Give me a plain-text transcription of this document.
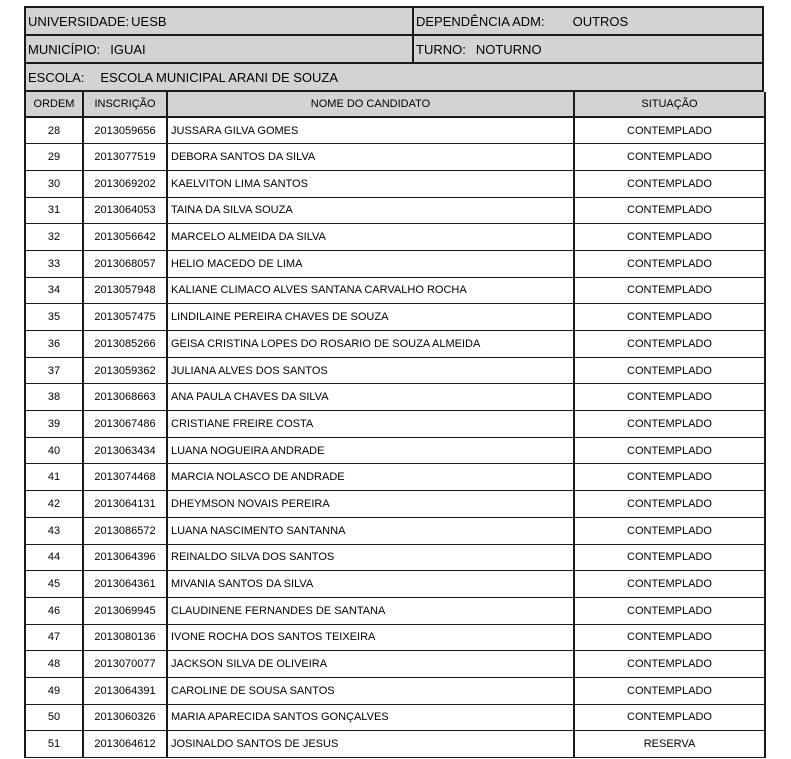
UNIVERSIDADE: UESB	DEPENDÊNCIA ADM: OUTROS
MUNICÍPIO: IGUAI	TURNO: NOTURNO
ESCOLA: ESCOLA MUNICIPAL ARANI DE SOUZA
ORDEM	INSCRIÇÃO	NOME DO CANDIDATO	SITUAÇÃO
28	2013059656	JUSSARA GILVA GOMES	CONTEMPLADO
29	2013077519	DEBORA SANTOS DA SILVA	CONTEMPLADO
30	2013069202	KAELVITON LIMA SANTOS	CONTEMPLADO
31	2013064053	TAINA DA SILVA SOUZA	CONTEMPLADO
32	2013056642	MARCELO ALMEIDA DA SILVA	CONTEMPLADO
33	2013068057	HELIO MACEDO DE LIMA	CONTEMPLADO
34	2013057948	KALIANE CLIMACO ALVES SANTANA CARVALHO ROCHA	CONTEMPLADO
35	2013057475	LINDILAINE PEREIRA CHAVES DE SOUZA	CONTEMPLADO
36	2013085266	GEISA CRISTINA LOPES DO ROSARIO DE SOUZA ALMEIDA	CONTEMPLADO
37	2013059362	JULIANA ALVES DOS SANTOS	CONTEMPLADO
38	2013068663	ANA PAULA CHAVES DA SILVA	CONTEMPLADO
39	2013067486	CRISTIANE FREIRE COSTA	CONTEMPLADO
40	2013063434	LUANA NOGUEIRA ANDRADE	CONTEMPLADO
41	2013074468	MARCIA NOLASCO DE ANDRADE	CONTEMPLADO
42	2013064131	DHEYMSON NOVAIS PEREIRA	CONTEMPLADO
43	2013086572	LUANA NASCIMENTO SANTANNA	CONTEMPLADO
44	2013064396	REINALDO SILVA DOS SANTOS	CONTEMPLADO
45	2013064361	MIVANIA SANTOS DA SILVA	CONTEMPLADO
46	2013069945	CLAUDINENE FERNANDES DE SANTANA	CONTEMPLADO
47	2013080136	IVONE ROCHA DOS SANTOS TEIXEIRA	CONTEMPLADO
48	2013070077	JACKSON SILVA DE OLIVEIRA	CONTEMPLADO
49	2013064391	CAROLINE DE SOUSA SANTOS	CONTEMPLADO
50	2013060326	MARIA APARECIDA SANTOS GONÇALVES	CONTEMPLADO
51	2013064612	JOSINALDO SANTOS DE JESUS	RESERVA
